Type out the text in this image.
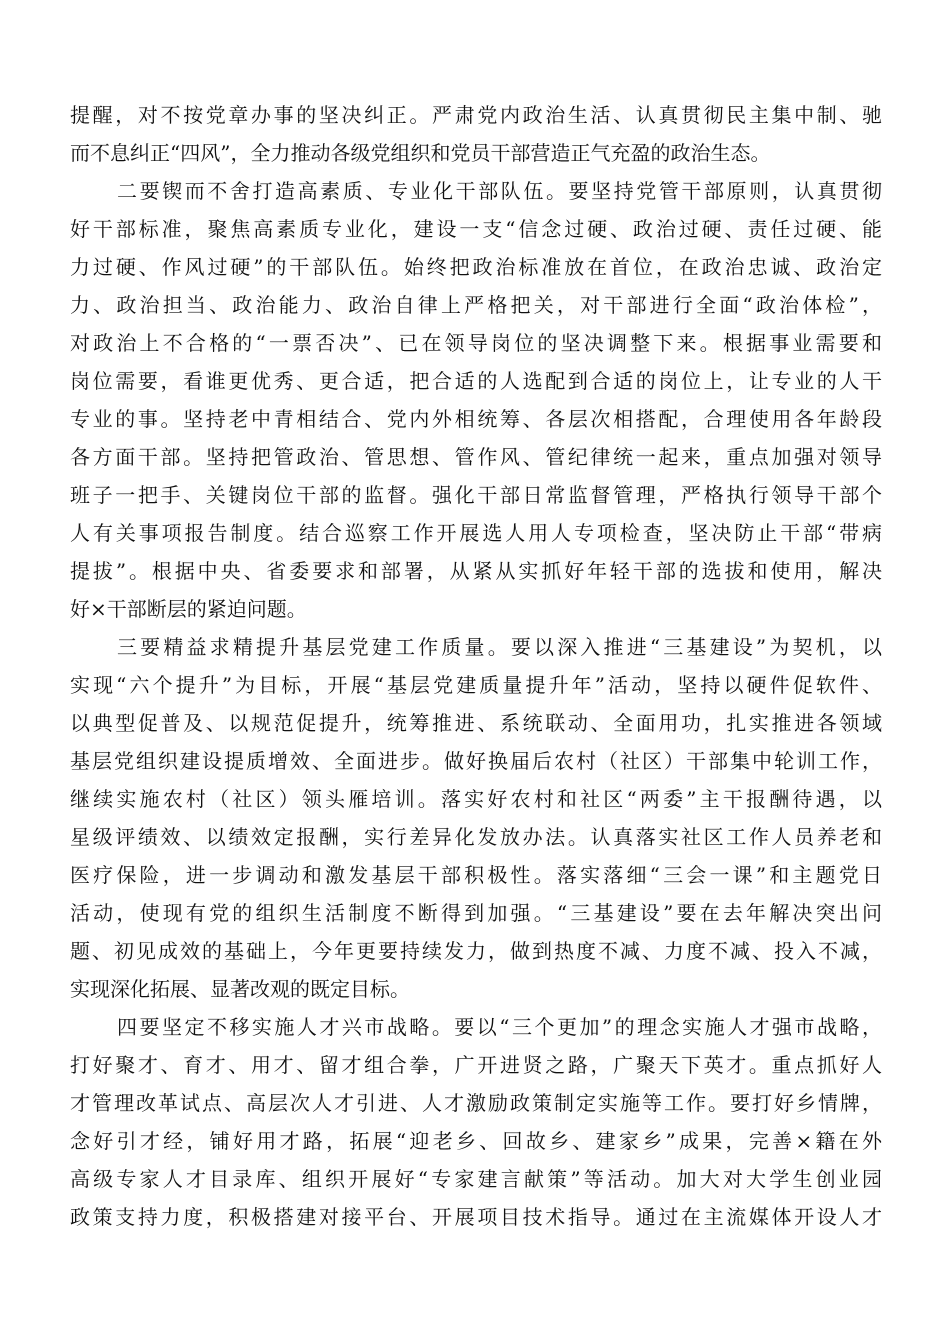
提醒，对不按党章办事的坚决纠正。严肃党内政治生活、认真贯彻民主集中制、驰
而不息纠正“四风”，全力推动各级党组织和党员干部营造正气充盈的政治生态。
二要锲而不舍打造高素质、专业化干部队伍。要坚持党管干部原则，认真贯彻
好干部标准，聚焦高素质专业化，建设一支“信念过硬、政治过硬、责任过硬、能
力过硬、作风过硬”的干部队伍。始终把政治标准放在首位，在政治忠诚、政治定
力、政治担当、政治能力、政治自律上严格把关，对干部进行全面“政治体检”，
对政治上不合格的“一票否决”、已在领导岗位的坚决调整下来。根据事业需要和
岗位需要，看谁更优秀、更合适，把合适的人选配到合适的岗位上，让专业的人干
专业的事。坚持老中青相结合、党内外相统筹、各层次相搭配，合理使用各年龄段
各方面干部。坚持把管政治、管思想、管作风、管纪律统一起来，重点加强对领导
班子一把手、关键岗位干部的监督。强化干部日常监督管理，严格执行领导干部个
人有关事项报告制度。结合巡察工作开展选人用人专项检查，坚决防止干部“带病
提拔”。根据中央、省委要求和部署，从紧从实抓好年轻干部的选拔和使用，解决
好×干部断层的紧迫问题。
三要精益求精提升基层党建工作质量。要以深入推进“三基建设”为契机，以
实现“六个提升”为目标，开展“基层党建质量提升年”活动，坚持以硬件促软件、
以典型促普及、以规范促提升，统筹推进、系统联动、全面用功，扎实推进各领域
基层党组织建设提质增效、全面进步。做好换届后农村（社区）干部集中轮训工作，
继续实施农村（社区）领头雁培训。落实好农村和社区“两委”主干报酬待遇，以
星级评绩效、以绩效定报酬，实行差异化发放办法。认真落实社区工作人员养老和
医疗保险，进一步调动和激发基层干部积极性。落实落细“三会一课”和主题党日
活动，使现有党的组织生活制度不断得到加强。“三基建设”要在去年解决突出问
题、初见成效的基础上，今年更要持续发力，做到热度不减、力度不减、投入不减，
实现深化拓展、显著改观的既定目标。
四要坚定不移实施人才兴市战略。要以“三个更加”的理念实施人才强市战略，
打好聚才、育才、用才、留才组合拳，广开进贤之路，广聚天下英才。重点抓好人
才管理改革试点、高层次人才引进、人才激励政策制定实施等工作。要打好乡情牌，
念好引才经，铺好用才路，拓展“迎老乡、回故乡、建家乡”成果，完善×籍在外
高级专家人才目录库、组织开展好“专家建言献策”等活动。加大对大学生创业园
政策支持力度，积极搭建对接平台、开展项目技术指导。通过在主流媒体开设人才
